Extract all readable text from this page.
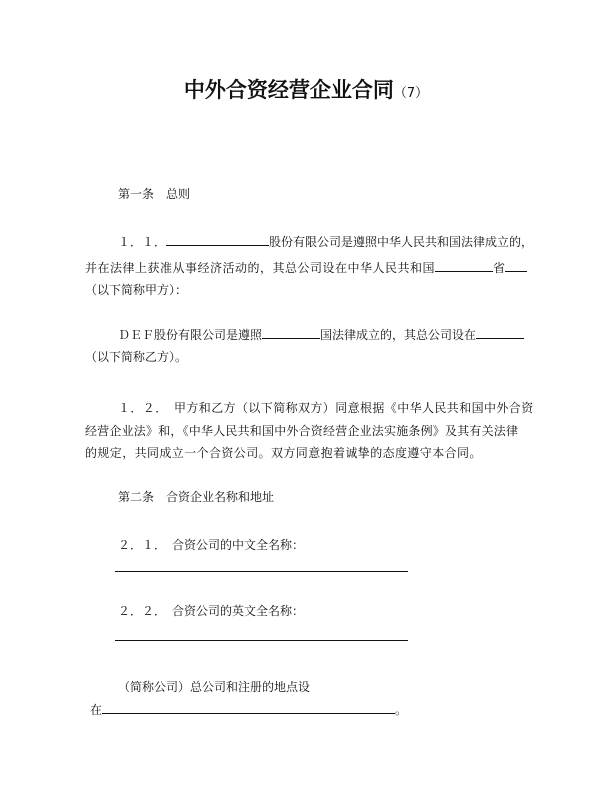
中外合资经营企业合同（7）
第一条　总则
１．１．	股份有限公司是遵照中华人民共和国法律成立的，
并在法律上获准从事经济活动的，其总公司设在中华人民共和国	省
（以下简称甲方）：
ＤＥＦ股份有限公司是遵照	国法律成立的，其总公司设在
（以下简称乙方）。
１．２．　甲方和乙方（以下简称双方）同意根据《中华人民共和国中外合资
经营企业法》和，《中华人民共和国中外合资经营企业法实施条例》及其有关法律
的规定，共同成立一个合资公司。双方同意抱着诚挚的态度遵守本合同。
第二条　合资企业名称和地址
２．１．　合资公司的中文全名称：
２．２．　合资公司的英文全名称：
（简称公司）总公司和注册的地点设
在	。
